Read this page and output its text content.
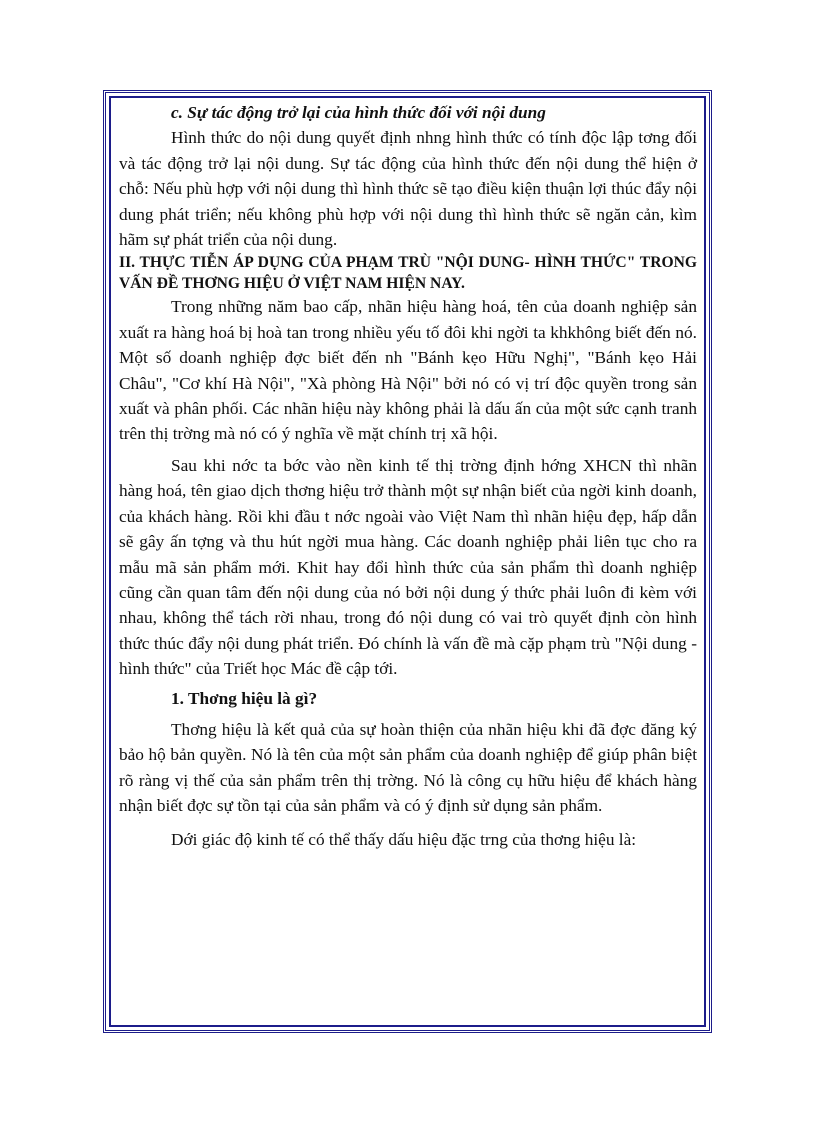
c. Sự tác động trở lại của hình thức đối với nội dung

Hình thức do nội dung quyết định nhng hình thức có tính độc lập tơng đối và tác động trở lại nội dung. Sự tác động của hình thức đến nội dung thể hiện ở chỗ: Nếu phù hợp với nội dung thì hình thức sẽ tạo điều kiện thuận lợi thúc đẩy nội dung phát triển; nếu không phù hợp với nội dung thì hình thức sẽ ngăn cản, kìm hãm sự phát triển của nội dung.

II. THỰC TIỄN ÁP DỤNG CỦA PHẠM TRÙ "NỘI DUNG- HÌNH THỨC" TRONG VẤN ĐỀ THƠNG HIỆU Ở VIỆT NAM HIỆN NAY.

Trong những năm bao cấp, nhãn hiệu hàng hoá, tên của doanh nghiệp sản xuất ra hàng hoá bị hoà tan trong nhiều yếu tố đôi khi ngời ta khkhông biết đến nó. Một số doanh nghiệp đợc biết đến nh "Bánh kẹo Hữu Nghị", "Bánh kẹo Hải Châu", "Cơ khí Hà Nội", "Xà phòng Hà Nội" bởi nó có vị trí độc quyền trong sản xuất và phân phối. Các nhãn hiệu này không phải là dấu ấn của một sức cạnh tranh trên thị trờng mà nó có ý nghĩa về mặt chính trị xã hội.

Sau khi nớc ta bớc vào nền kinh tế thị trờng định hớng XHCN thì nhãn hàng hoá, tên giao dịch thơng hiệu trở thành một sự nhận biết của ngời kinh doanh, của khách hàng. Rồi khi đầu t nớc ngoài vào Việt Nam thì nhãn hiệu đẹp, hấp dẫn sẽ gây ấn tợng và thu hút ngời mua hàng. Các doanh nghiệp phải liên tục cho ra mẫu mã sản phẩm mới. Khit hay đổi hình thức của sản phẩm thì doanh nghiệp cũng cần quan tâm đến nội dung của nó bởi nội dung ý thức phải luôn đi kèm với nhau, không thể tách rời nhau, trong đó nội dung có vai trò quyết định còn hình thức thúc đẩy nội dung phát triển. Đó chính là vấn đề mà cặp phạm trù "Nội dung - hình thức" của Triết học Mác đề cập tới.

1. Thơng hiệu là gì?

Thơng hiệu là kết quả của sự hoàn thiện của nhãn hiệu khi đã đợc đăng ký bảo hộ bản quyền. Nó là tên của một sản phẩm của doanh nghiệp để giúp phân biệt rõ ràng vị thế của sản phẩm trên thị trờng. Nó là công cụ hữu hiệu để khách hàng nhận biết đợc sự tồn tại của sản phẩm và có ý định sử dụng sản phẩm.

Dới giác độ kinh tế có thể thấy dấu hiệu đặc trng của thơng hiệu là:
